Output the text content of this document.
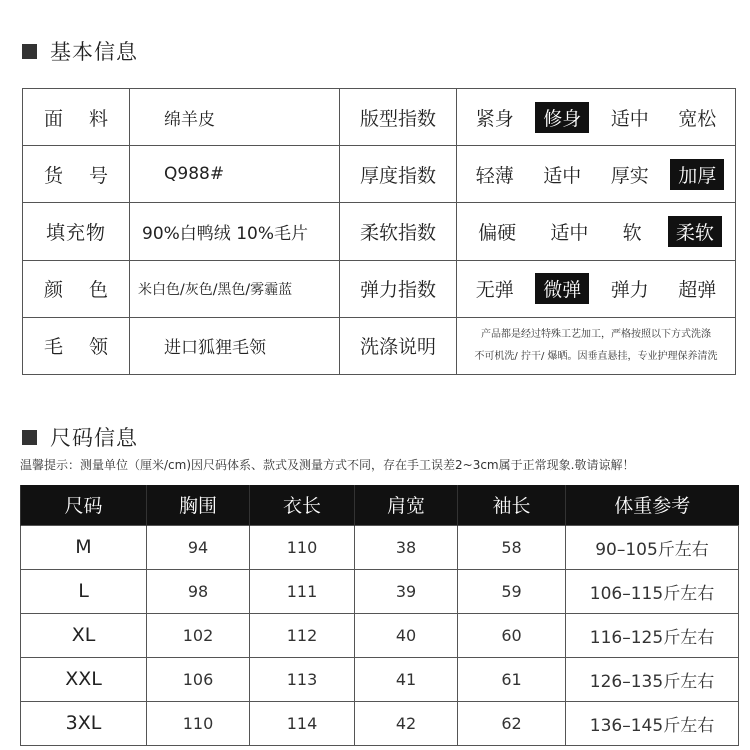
基本信息
面 料	绵羊皮	版型指数	紧身 修身 适中 宽松

货 号	Q988#	厚度指数	轻薄 适中 厚实 加厚

填充物	90%白鸭绒 10%毛片	柔软指数	偏硬 适中 软 柔软

颜 色	米白色/灰色/黑色/雾霾蓝	弹力指数	无弹 微弹 弹力 超弹

毛 领	进口狐狸毛领	洗涤说明	产品都是经过特殊工艺加工，严格按照以下方式洗涤
不可机洗/ 拧干/ 爆晒。因垂直悬挂，专业护理保养清洗
尺码信息
温馨提示：测量单位（厘米/cm)因尺码体系、款式及测量方式不同，存在手工误差2~3cm属于正常现象.敬请谅解！
尺码	胸围	衣长	肩宽	袖长	体重参考
M	94	110	38	58	90–105斤左右
L	98	111	39	59	106–115斤左右
XL	102	112	40	60	116–125斤左右
XXL	106	113	41	61	126–135斤左右
3XL	110	114	42	62	136–145斤左右
